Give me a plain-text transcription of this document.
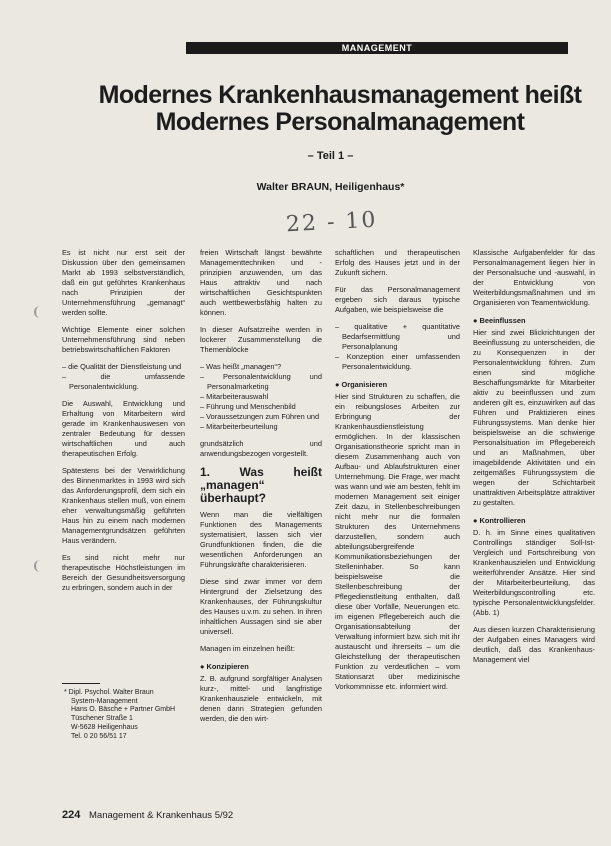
MANAGEMENT
Modernes Krankenhausmanagement heißt
Modernes Personalmanagement
– Teil 1 –
Walter BRAUN, Heiligenhaus*
22 - 10

Es ist nicht nur erst seit der Diskussion über den gemeinsamen Markt ab 1993 selbstverständlich, daß ein gut geführtes Krankenhaus nach Prinzipien der Unternehmensführung „gemanagt“ werden sollte.

Wichtige Elemente einer solchen Unternehmensführung sind neben betriebswirtschaftlichen Faktoren

– die Qualität der Dienstleistung und
– die umfassende Personalentwicklung.

Die Auswahl, Entwicklung und Erhaltung von Mitarbeitern wird gerade im Krankenhauswesen von zentraler Bedeutung für dessen wirtschaftlichen und auch therapeutischen Erfolg.

Spätestens bei der Verwirklichung des Binnenmarktes in 1993 wird sich das Anforderungsprofil, dem sich ein Krankenhaus stellen muß, von einem eher verwaltungsmäßig geführten Haus hin zu einem nach modernen Managementgrundsätzen geführten Haus verändern.

Es sind nicht mehr nur therapeutische Höchstleistungen im Bereich der Gesundheitsversorgung zu erbringen, sondern auch in der

freien Wirtschaft längst bewährte Managementtechniken und -prinzipien anzuwenden, um das Haus attraktiv und nach wirtschaftlichen Gesichtspunkten auch wettbewerbsfähig halten zu können.

In dieser Aufsatzreihe werden in lockerer Zusammenstellung die Themenblöcke

– Was heißt „managen“?
– Personalentwicklung und Personalmarketing
– Mitarbeiterauswahl
– Führung und Menschenbild
– Voraussetzungen zum Führen und
– Mitarbeiterbeurteilung

grundsätzlich und anwendungsbezogen vorgestellt.

1. Was heißt „managen“ überhaupt?

Wenn man die vielfältigen Funktionen des Managements systematisiert, lassen sich vier Grundfunktionen finden, die die wesentlichen Anforderungen an Führungskräfte charakterisieren.

Diese sind zwar immer vor dem Hintergrund der Zielsetzung des Krankenhauses, der Führungskultur des Hauses u.v.m. zu sehen. In ihren inhaltlichen Aussagen sind sie aber universell.

Managen im einzelnen heißt:

● Konzipieren

Z. B. aufgrund sorgfältiger Analysen kurz-, mittel- und langfristige Krankenhausziele entwickeln, mit denen dann Strategien gefunden werden, die den wirt-

schaftlichen und therapeutischen Erfolg des Hauses jetzt und in der Zukunft sichern.

Für das Personalmanagement ergeben sich daraus typische Aufgaben, wie beispielsweise die

– qualitative + quantitative Bedarfsermittlung und Personalplanung
– Konzeption einer umfassenden Personalentwicklung.
● Organisieren

Hier sind Strukturen zu schaffen, die ein reibungsloses Arbeiten zur Erbringung der Krankenhausdienstleistung ermöglichen. In der klassischen Organisationstheorie spricht man in diesem Zusammenhang auch von Aufbau- und Ablaufstrukturen einer Unternehmung. Die Frage, wer macht was wann und wie am besten, fehlt im modernen Management seit einiger Zeit dazu, in Stellenbeschreibungen nicht mehr nur die formalen Strukturen des Unternehmens darzustellen, sondern auch abteilungsübergreifende Kommunikationsbeziehungen der Stelleninhaber. So kann beispielsweise die Stellenbeschreibung der Pflegedienstleitung enthalten, daß diese über Vorfälle, Neuerungen etc. im eigenen Pflegebereich auch die Organisationsabteilung der Verwaltung informiert bzw. sich mit ihr austauscht und ihrerseits – um die Gleichstellung der therapeutischen Funktion zu verdeutlichen – vom Stationsarzt über medizinische Vorkommnisse etc. informiert wird.

Klassische Aufgabenfelder für das Personalmanagement liegen hier in der Personalsuche und -auswahl, in der Entwicklung von Weiterbildungsmaßnahmen und im Organisieren von Teamentwicklung.

● Beeinflussen

Hier sind zwei Blickrichtungen der Beeinflussung zu unterscheiden, die zu Konsequenzen in der Personalentwicklung führen. Zum einen sind mögliche Beschaffungsmärkte für Mitarbeiter aktiv zu beeinflussen und zum anderen gilt es, einzuwirken auf das Führen und Praktizieren eines Führungssystems. Man denke hier beispielsweise an die schwierige Personalsituation im Pflegebereich und an Maßnahmen, über imagebildende Aktivitäten und ein zeitgemäßes Führungssystem die wegen der Schichtarbeit unattraktiven Arbeitsplätze attraktiver zu gestalten.

● Kontrollieren

D. h. im Sinne eines qualitativen Controllings ständiger Soll-Ist-Vergleich und Fortschreibung von Krankenhauszielen und Entwicklung weiterführender Ansätze. Hier sind der Mitarbeiterbeurteilung, das Weiterbildungscontrolling etc. typische Personalentwicklungsfelder. (Abb. 1)

Aus diesen kurzen Charakterisierung der Aufgaben eines Managers wird deutlich, daß das Krankenhaus-Management viel

* Dipl. Psychol. Walter Braun
System-Management
Hans O. Bäsche + Partner GmbH
Tüschener Straße 1
W-5628 Heiligenhaus
Tel. 0 20 56/51 17
224 Management & Krankenhaus 5/92
